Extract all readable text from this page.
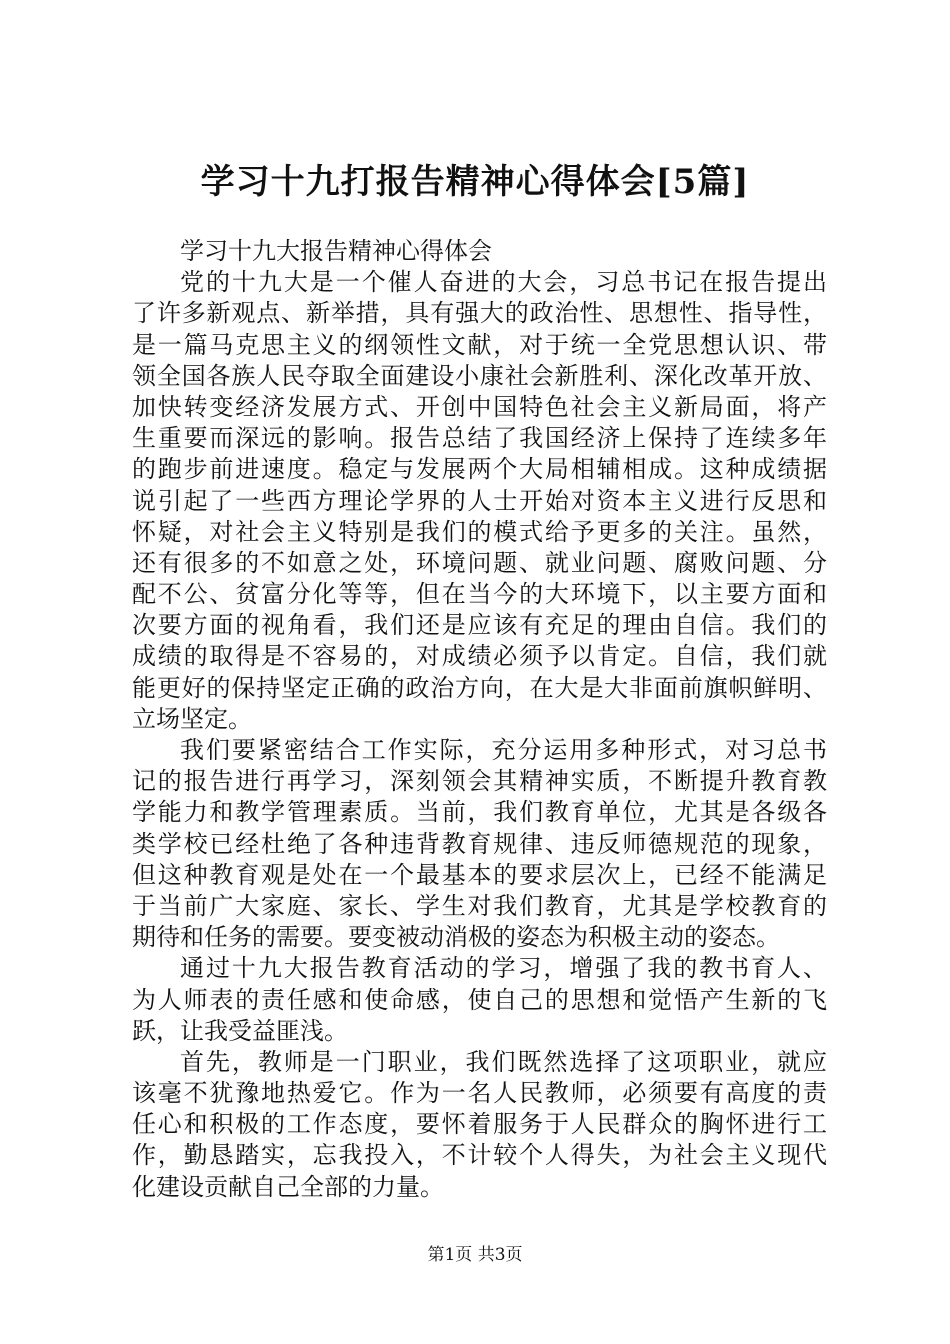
学习十九打报告精神心得体会[5篇]
学习十九大报告精神心得体会
党的十九大是一个催人奋进的大会，习总书记在报告提出
了许多新观点、新举措，具有强大的政治性、思想性、指导性，
是一篇马克思主义的纲领性文献，对于统一全党思想认识、带
领全国各族人民夺取全面建设小康社会新胜利、深化改革开放、
加快转变经济发展方式、开创中国特色社会主义新局面，将产
生重要而深远的影响。报告总结了我国经济上保持了连续多年
的跑步前进速度。稳定与发展两个大局相辅相成。这种成绩据
说引起了一些西方理论学界的人士开始对资本主义进行反思和
怀疑，对社会主义特别是我们的模式给予更多的关注。虽然，
还有很多的不如意之处，环境问题、就业问题、腐败问题、分
配不公、贫富分化等等，但在当今的大环境下，以主要方面和
次要方面的视角看，我们还是应该有充足的理由自信。我们的
成绩的取得是不容易的，对成绩必须予以肯定。自信，我们就
能更好的保持坚定正确的政治方向，在大是大非面前旗帜鲜明、
立场坚定。
我们要紧密结合工作实际，充分运用多种形式，对习总书
记的报告进行再学习，深刻领会其精神实质，不断提升教育教
学能力和教学管理素质。当前，我们教育单位，尤其是各级各
类学校已经杜绝了各种违背教育规律、违反师德规范的现象，
但这种教育观是处在一个最基本的要求层次上，已经不能满足
于当前广大家庭、家长、学生对我们教育，尤其是学校教育的
期待和任务的需要。要变被动消极的姿态为积极主动的姿态。
通过十九大报告教育活动的学习，增强了我的教书育人、
为人师表的责任感和使命感，使自己的思想和觉悟产生新的飞
跃，让我受益匪浅。
首先，教师是一门职业，我们既然选择了这项职业，就应
该毫不犹豫地热爱它。作为一名人民教师，必须要有高度的责
任心和积极的工作态度，要怀着服务于人民群众的胸怀进行工
作，勤恳踏实，忘我投入，不计较个人得失，为社会主义现代
化建设贡献自己全部的力量。
第1页 共3页
